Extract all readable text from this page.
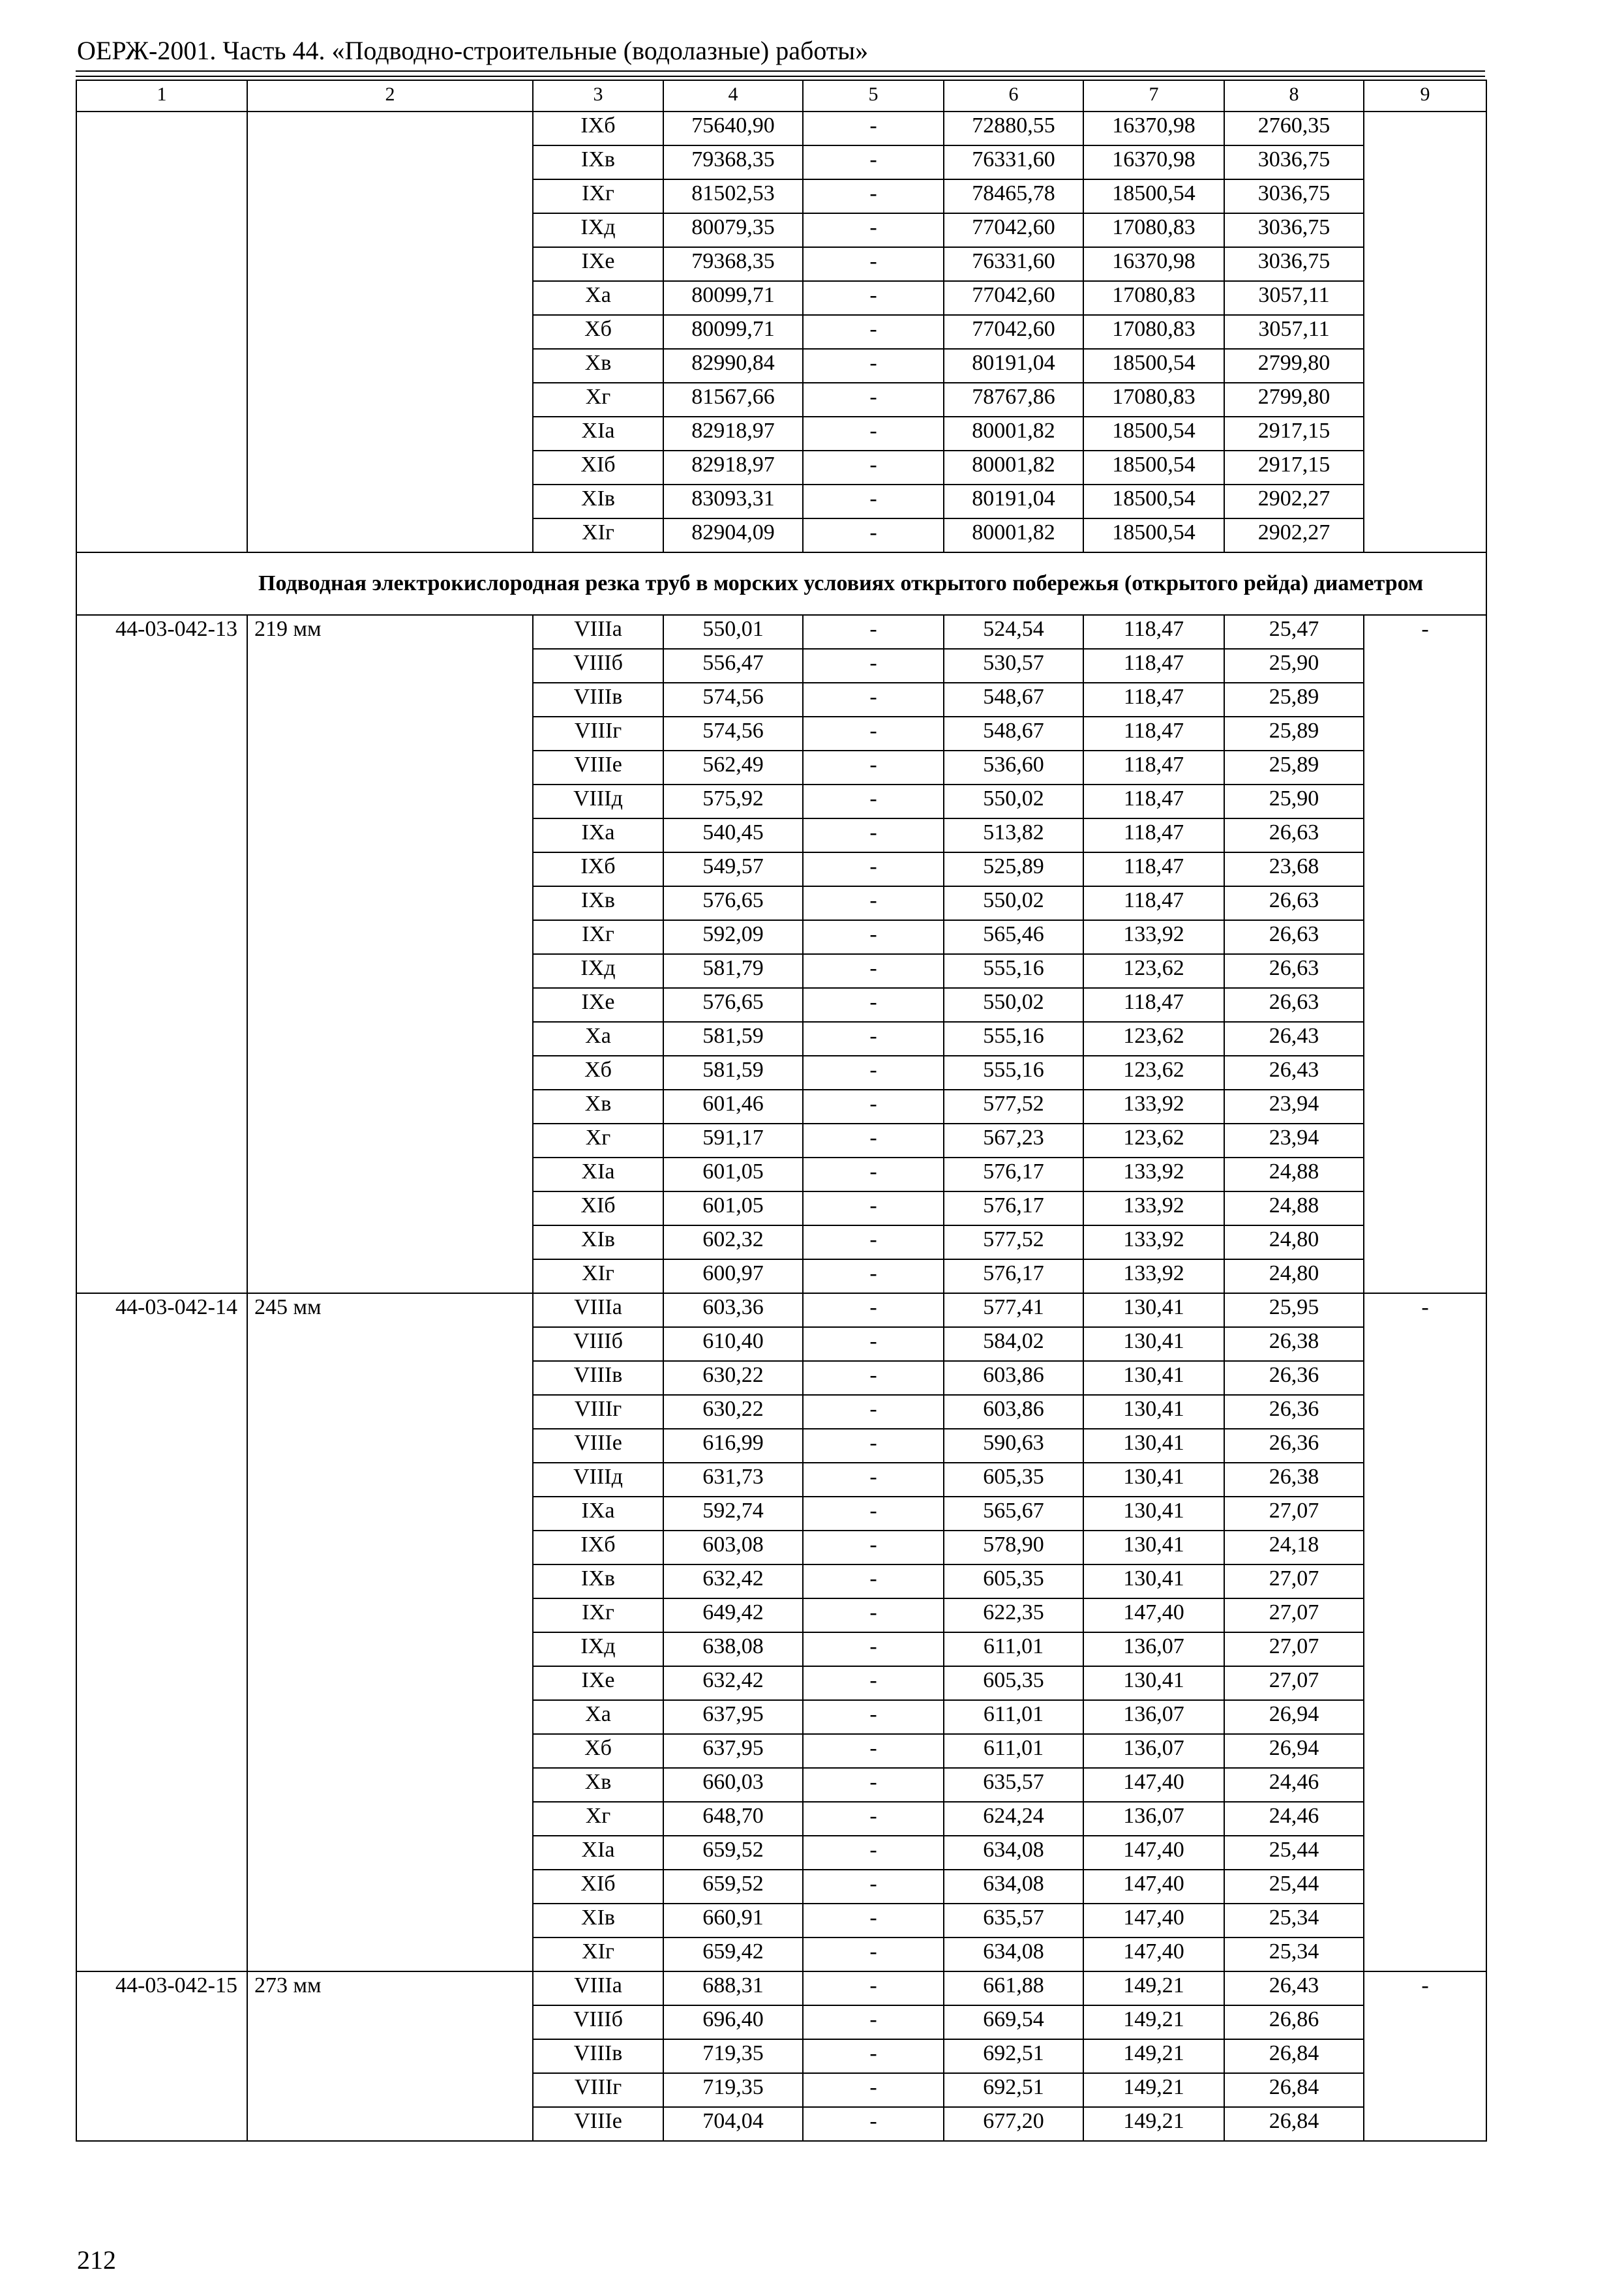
ОЕРЖ-2001. Часть 44. «Подводно-строительные (водолазные) работы»
1	2	3	4	5	6	7	8	9
		IXб	75640,90	-	72880,55	16370,98	2760,35	
		IXв	79368,35	-	76331,60	16370,98	3036,75	
		IXг	81502,53	-	78465,78	18500,54	3036,75	
		IXд	80079,35	-	77042,60	17080,83	3036,75	
		IXе	79368,35	-	76331,60	16370,98	3036,75	
		Xа	80099,71	-	77042,60	17080,83	3057,11	
		Xб	80099,71	-	77042,60	17080,83	3057,11	
		Xв	82990,84	-	80191,04	18500,54	2799,80	
		Xг	81567,66	-	78767,86	17080,83	2799,80	
		XIа	82918,97	-	80001,82	18500,54	2917,15	
		XIб	82918,97	-	80001,82	18500,54	2917,15	
		XIв	83093,31	-	80191,04	18500,54	2902,27	
		XIг	82904,09	-	80001,82	18500,54	2902,27	
Подводная электрокислородная резка труб в морских условиях открытого побережья (открытого рейда) диаметром								
44-03-042-13	219 мм	VIIIа	550,01	-	524,54	118,47	25,47	-
		VIIIб	556,47	-	530,57	118,47	25,90	
		VIIIв	574,56	-	548,67	118,47	25,89	
		VIIIг	574,56	-	548,67	118,47	25,89	
		VIIIе	562,49	-	536,60	118,47	25,89	
		VIIIд	575,92	-	550,02	118,47	25,90	
		IXа	540,45	-	513,82	118,47	26,63	
		IXб	549,57	-	525,89	118,47	23,68	
		IXв	576,65	-	550,02	118,47	26,63	
		IXг	592,09	-	565,46	133,92	26,63	
		IXд	581,79	-	555,16	123,62	26,63	
		IXе	576,65	-	550,02	118,47	26,63	
		Xа	581,59	-	555,16	123,62	26,43	
		Xб	581,59	-	555,16	123,62	26,43	
		Xв	601,46	-	577,52	133,92	23,94	
		Xг	591,17	-	567,23	123,62	23,94	
		XIа	601,05	-	576,17	133,92	24,88	
		XIб	601,05	-	576,17	133,92	24,88	
		XIв	602,32	-	577,52	133,92	24,80	
		XIг	600,97	-	576,17	133,92	24,80	
44-03-042-14	245 мм	VIIIа	603,36	-	577,41	130,41	25,95	-
		VIIIб	610,40	-	584,02	130,41	26,38	
		VIIIв	630,22	-	603,86	130,41	26,36	
		VIIIг	630,22	-	603,86	130,41	26,36	
		VIIIе	616,99	-	590,63	130,41	26,36	
		VIIIд	631,73	-	605,35	130,41	26,38	
		IXа	592,74	-	565,67	130,41	27,07	
		IXб	603,08	-	578,90	130,41	24,18	
		IXв	632,42	-	605,35	130,41	27,07	
		IXг	649,42	-	622,35	147,40	27,07	
		IXд	638,08	-	611,01	136,07	27,07	
		IXе	632,42	-	605,35	130,41	27,07	
		Xа	637,95	-	611,01	136,07	26,94	
		Xб	637,95	-	611,01	136,07	26,94	
		Xв	660,03	-	635,57	147,40	24,46	
		Xг	648,70	-	624,24	136,07	24,46	
		XIа	659,52	-	634,08	147,40	25,44	
		XIб	659,52	-	634,08	147,40	25,44	
		XIв	660,91	-	635,57	147,40	25,34	
		XIг	659,42	-	634,08	147,40	25,34	
44-03-042-15	273 мм	VIIIа	688,31	-	661,88	149,21	26,43	-
		VIIIб	696,40	-	669,54	149,21	26,86	
		VIIIв	719,35	-	692,51	149,21	26,84	
		VIIIг	719,35	-	692,51	149,21	26,84	
		VIIIе	704,04	-	677,20	149,21	26,84	
212
